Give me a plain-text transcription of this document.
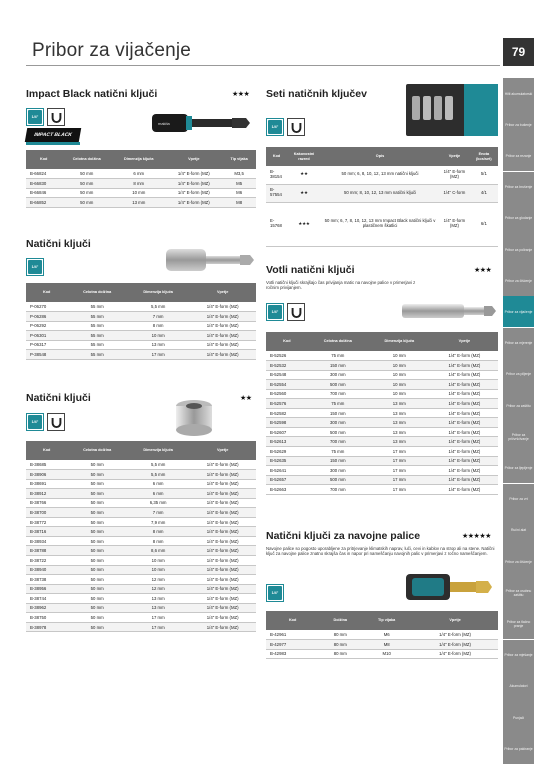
Pribor za vijačenje	79
Hilti akumulatorski
Pribor za bušenje
Pribor za rezanje
Pribor za brušenje
Pribor za glodanje
Pribor za poliranje
Pribor za čišćenje
Pribor za vijačenje
Pribor za mjerenje
Pribor za piljenje
Pribor za zaštitu
Pribor za pričvršćivanje
Pribor za ljepljenje
Pribor za vrt
Ručni alat
Pribor za čišćenje
Pribor za osobnu zaštitu
Pribor za tlačno pranje
Pribor za mješanje
Akumulatori
Punjači
Pribor za pakiranje
Impact Black natični ključi	★★★
1/4"
IMPACT BLACK
makita
Kod	Celotna dolžina	Dimenzija ključa	Vpetje	Tip vijaka
B-66824	50 mm	6 mm	1/4" E-form (MZ)	M3,5
B-66830	50 mm	8 mm	1/4" E-form (MZ)	M5
B-66846	50 mm	10 mm	1/4" E-form (MZ)	M6
B-66852	50 mm	13 mm	1/4" E-form (MZ)	M8
Natični ključi
1/4"
Kod	Celotna dolžina	Dimenzija ključa	Vpetje
P-06270	55 mm	5,5 mm	1/4" E-form (MZ)
P-06286	55 mm	7 mm	1/4" E-form (MZ)
P-06292	55 mm	8 mm	1/4" E-form (MZ)
P-06301	55 mm	10 mm	1/4" E-form (MZ)
P-06317	55 mm	13 mm	1/4" E-form (MZ)
P-38548	55 mm	17 mm	1/4" E-form (MZ)
Natični ključi	★★
1/4"
Kod	Celotna dolžina	Dimenzija ključa	Vpetje
B-38685	50 mm	5,5 mm	1/4" E-form (MZ)
B-38906	50 mm	5,5 mm	1/4" E-form (MZ)
B-38691	50 mm	6 mm	1/4" E-form (MZ)
B-38912	50 mm	6 mm	1/4" E-form (MZ)
B-38766	50 mm	6,35 mm	1/4" E-form (MZ)
B-38700	50 mm	7 mm	1/4" E-form (MZ)
B-38772	50 mm	7,9 mm	1/4" E-form (MZ)
B-38716	50 mm	8 mm	1/4" E-form (MZ)
B-38934	50 mm	8 mm	1/4" E-form (MZ)
B-38788	50 mm	8,6 mm	1/4" E-form (MZ)
B-38722	50 mm	10 mm	1/4" E-form (MZ)
B-38940	50 mm	10 mm	1/4" E-form (MZ)
B-38738	50 mm	12 mm	1/4" E-form (MZ)
B-38956	50 mm	12 mm	1/4" E-form (MZ)
B-38744	50 mm	13 mm	1/4" E-form (MZ)
B-38962	50 mm	13 mm	1/4" E-form (MZ)
B-38750	50 mm	17 mm	1/4" E-form (MZ)
B-38978	50 mm	17 mm	1/4" E-form (MZ)
Seti natičnih ključev
1/4"
Kod	Kakovostni razred	Opis	Vpetje	Enota (kos/set)
B-38154	★★	50 mm; 6, 8, 10, 12, 13 mm natični ključi	1/4" E-form (MZ)	5/1
B-57554	★★	50 mm; 8, 10, 12, 13 mm natični ključi	1/4" C-form	4/1
E-15768	★★★	50 mm; 6, 7, 8, 10, 12, 13 mm Impact Black natični ključi v plastičnem škatlici	1/4" E-form (MZ)	6/1
Votli natični ključi	★★★
Votli natični ključi skrajšajo čas privijanja matic na navojne palice v primerjavi z ročnim privijanjem.
1/4"
Kod	Celotna dolžina	Dimenzija ključa	Vpetje
B-52526	75 mm	10 mm	1/4" E-form (MZ)
B-52532	150 mm	10 mm	1/4" E-form (MZ)
B-52548	300 mm	10 mm	1/4" E-form (MZ)
B-52554	500 mm	10 mm	1/4" E-form (MZ)
B-52560	700 mm	10 mm	1/4" E-form (MZ)
B-52576	75 mm	13 mm	1/4" E-form (MZ)
B-52582	150 mm	13 mm	1/4" E-form (MZ)
B-52598	300 mm	13 mm	1/4" E-form (MZ)
B-52607	500 mm	13 mm	1/4" E-form (MZ)
B-52613	700 mm	13 mm	1/4" E-form (MZ)
B-52629	75 mm	17 mm	1/4" E-form (MZ)
B-52635	150 mm	17 mm	1/4" E-form (MZ)
B-52641	300 mm	17 mm	1/4" E-form (MZ)
B-52657	500 mm	17 mm	1/4" E-form (MZ)
B-52663	700 mm	17 mm	1/4" E-form (MZ)
Natični ključi za navojne palice	★★★★★
Navojne palice so pogosto uporabljene za pritrjevanje klimatskih naprav, luči, cevi in kablov na strop ali na stene. Natični ključ za navojne palice znatno skrajša čas in napor pri nameščanju navojnih palic v primerjavi z ročno nameščanjem.
1/4"
Kod	Dolžina	Tip vijaka	Vpetje
B-42961	80 mm	M6	1/4" E-form (MZ)
B-42977	80 mm	M8	1/4" E-form (MZ)
B-42983	80 mm	M10	1/4" E-form (MZ)
